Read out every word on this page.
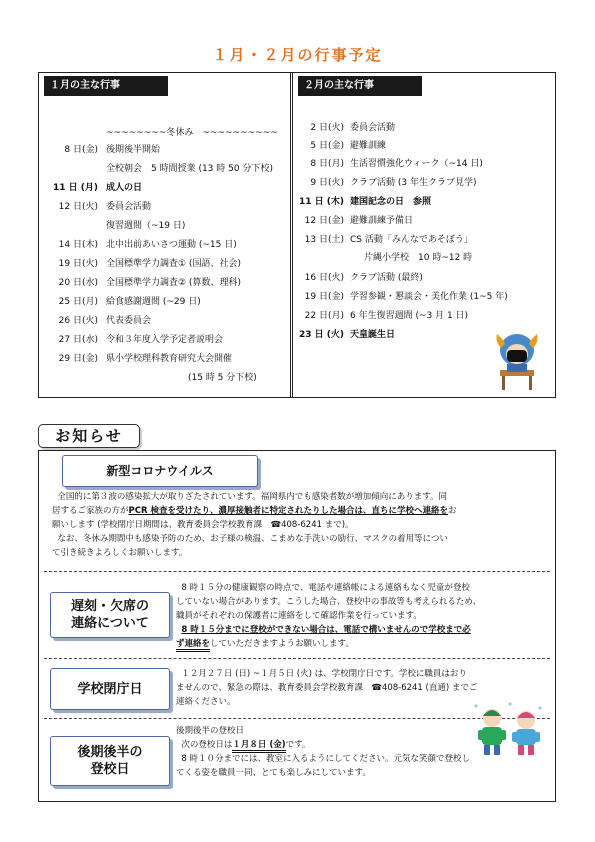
１月・２月の行事予定
１月の主な行事	２月の主な行事
~~~~~~~~冬休み　~~~~~~~~~~
8 日(金) 後期後半開始
全校朝会　5 時間授業 (13 時 50 分下校)
11 日 (月) 成人の日
12 日(火) 委員会活動
復習週間（~19 日)
14 日(木) 北中出前あいさつ運動 (~15 日)
19 日(火) 全国標準学力調査① (国語、社会)
20 日(水) 全国標準学力調査② (算数、理科)
25 日(月) 給食感謝週間 (~29 日)
26 日(火) 代表委員会
27 日(水) 令和３年度入学予定者説明会
29 日(金) 県小学校理科教育研究大会開催
(15 時 5 分下校)
2 日(火) 委員会活動
5 日(金) 避難訓練
8 日(月) 生活習慣強化ウィーク（~14 日)
9 日(火) クラブ活動 (3 年生クラブ見学)
11 日 (木) 建国記念の日　参照
12 日(金) 避難訓練予備日
13 日(土) CS 活動「みんなであそぼう」
片縄小学校　10 時~12 時
16 日(火) クラブ活動 (最終)
19 日(金) 学習参観・懇談会・美化作業 (1~5 年)
22 日(月) 6 年生復習週間 (~3 月 1 日)
23 日 (火) 天皇誕生日
お知らせ
新型コロナウイルス
全国的に第３波の感染拡大が取りざたされています。福岡県内でも感染者数が増加傾向にあります。同
居するご家族の方がPCR 検査を受けたり、濃厚接触者に特定されたりした場合は、直ちに学校へ連絡をお
願いします (学校閉庁日期間は、教育委員会学校教育課　☎408-6241 まで)。
なお、冬休み期間中も感染予防のため、お子様の検温、こまめな手洗いの励行、マスクの着用等につい
て引き続きよろしくお願いします。
遅刻・欠席の
連絡について
8 時１５分の健康観察の時点で、電話や連絡帳による連絡もなく児童が登校
していない場合があります。こうした場合、登校中の事故等も考えられるため、
職員がそれぞれの保護者に連絡をして確認作業を行っています。
8 時１５分までに登校ができない場合は、電話で構いませんので学校まで必
ず連絡をしていただきますようお願いします。
学校閉庁日
１２月２７日 (日) ~１月５日 (火) は、学校閉庁日です。学校に職員はおり
ませんので、緊急の際は、教育委員会学校教育課　☎408-6241 (直通) までご
連絡ください。
後期後半の
登校日
後期後半の登校日
次の登校日は１月８日 (金)です。
8 時１０分までには、教室に入るようにしてください。元気な笑顔で登校し
てくる姿を職員一同、とても楽しみにしています。
